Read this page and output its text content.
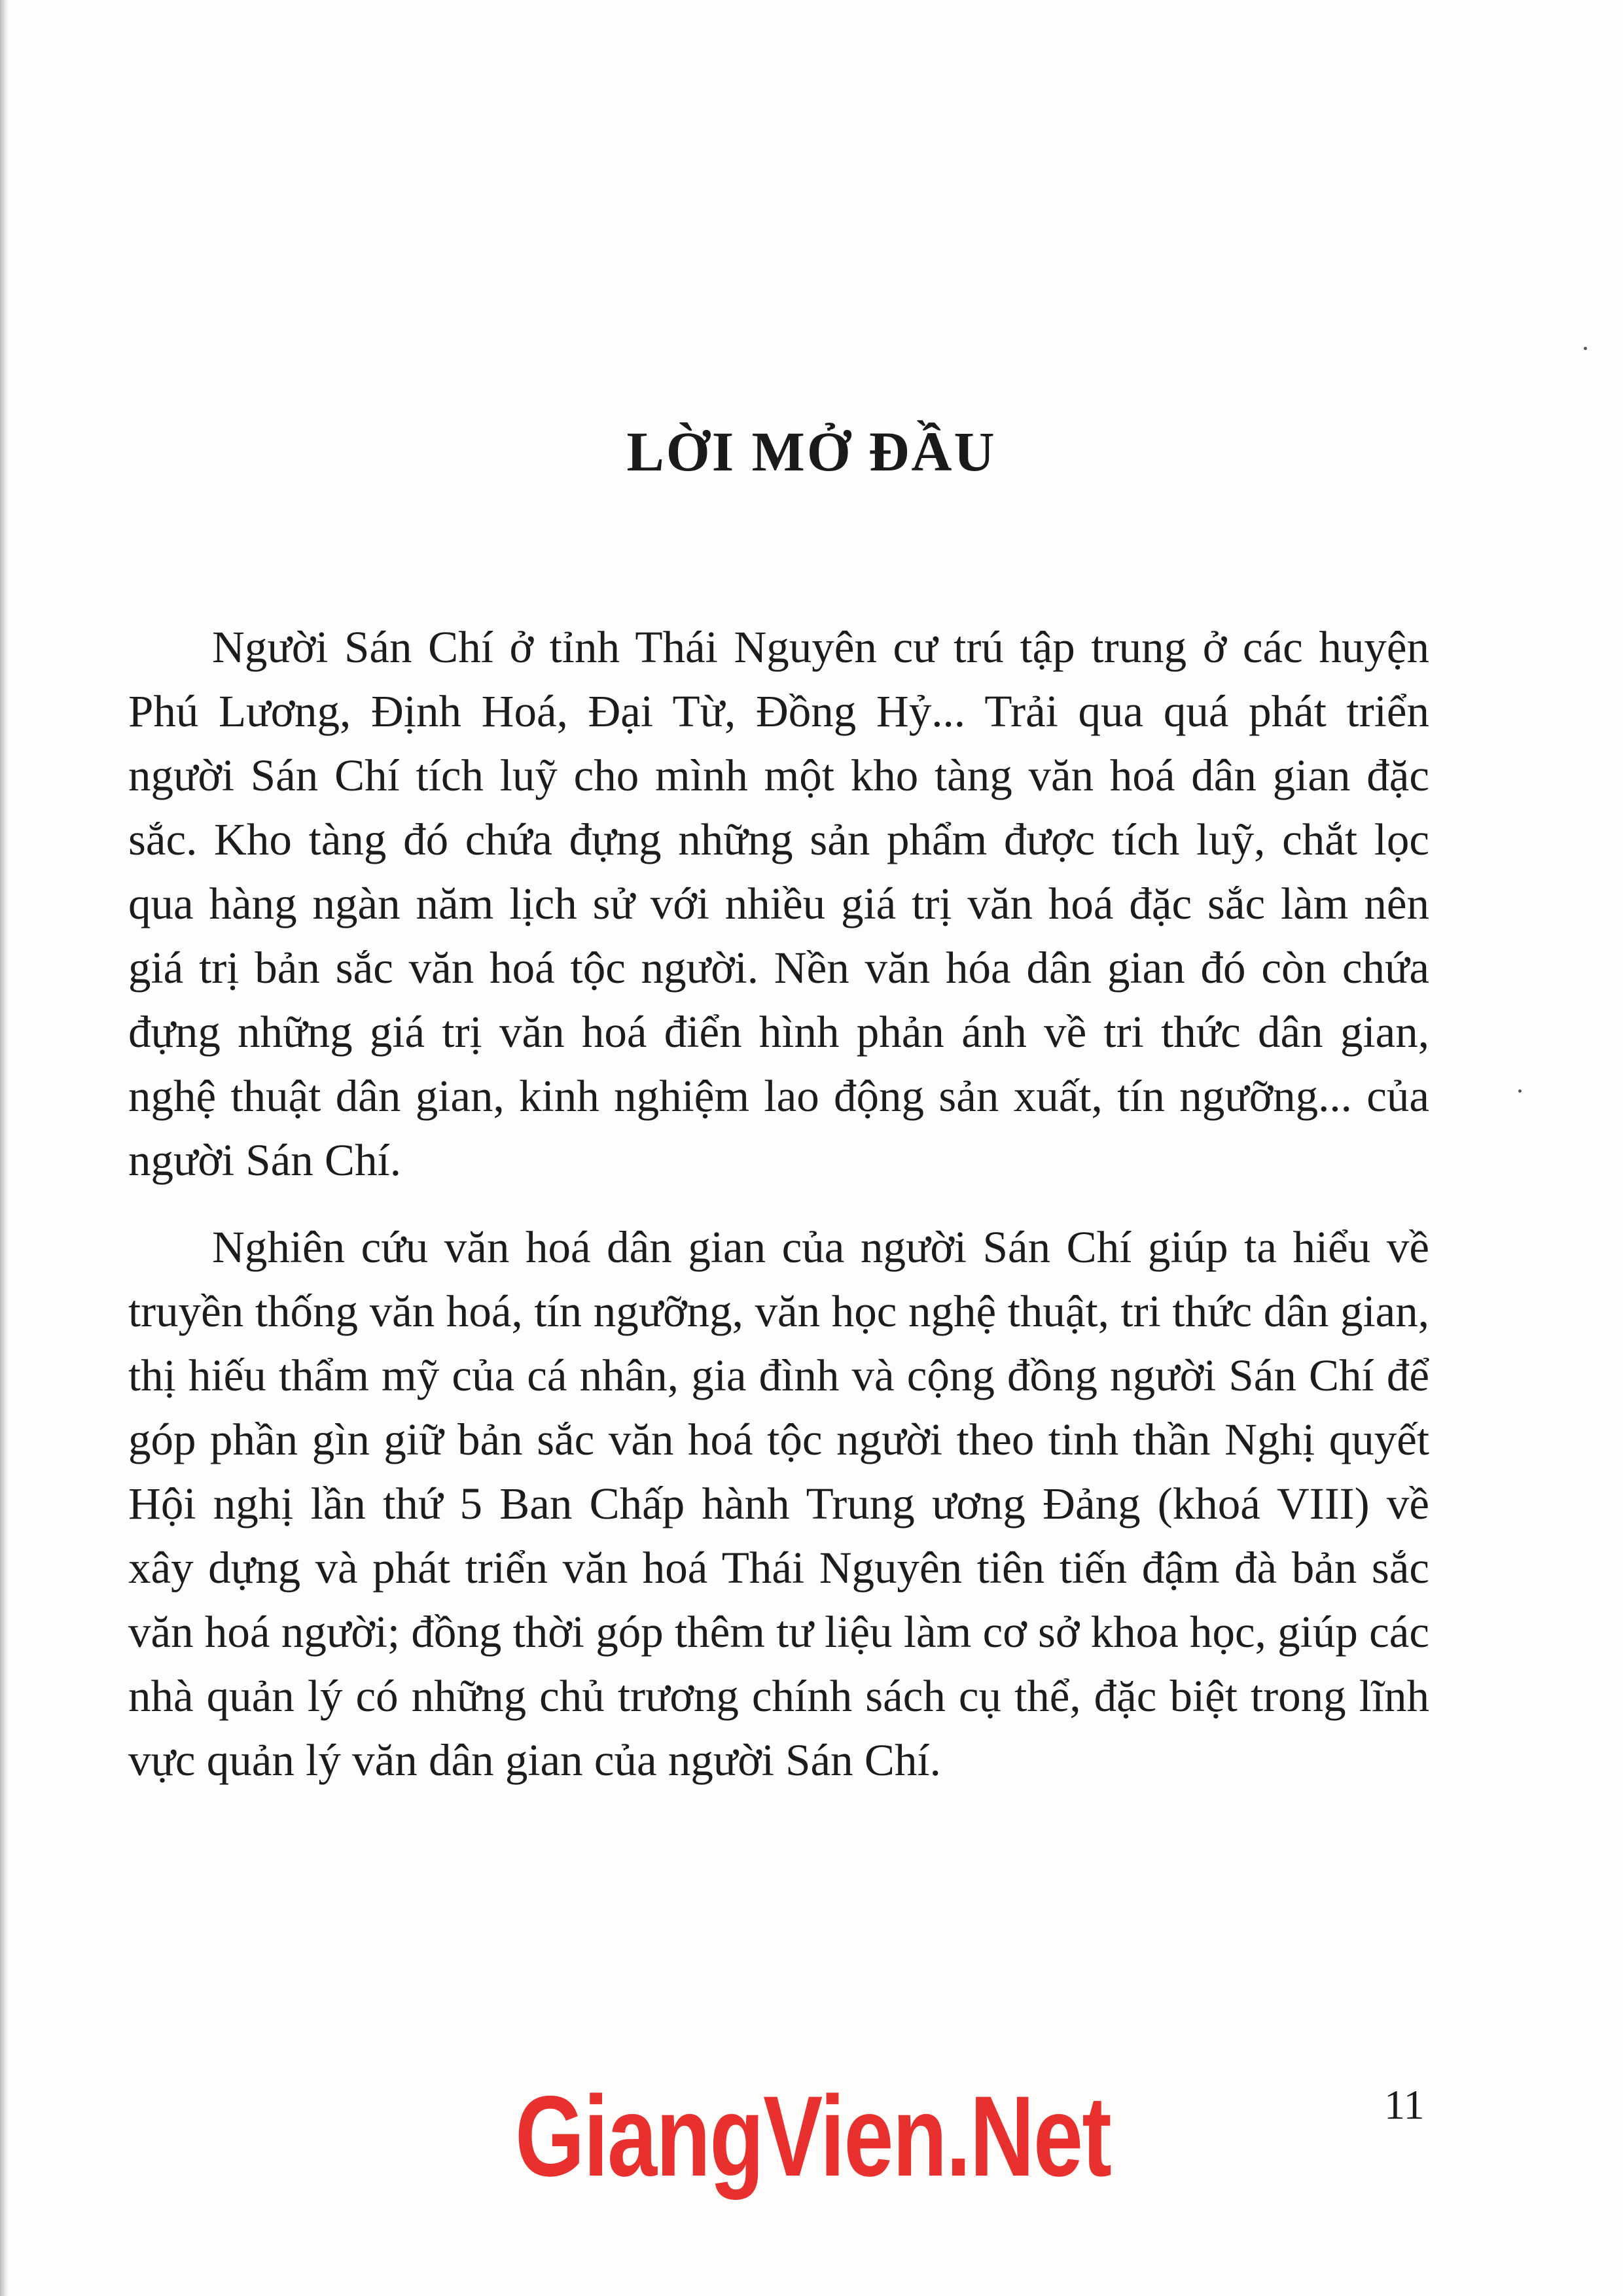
LỜI MỞ ĐẦU

Người Sán Chí ở tỉnh Thái Nguyên cư trú tập trung ở các huyện Phú Lương, Định Hoá, Đại Từ, Đồng Hỷ... Trải qua quá phát triển người Sán Chí tích luỹ cho mình một kho tàng văn hoá dân gian đặc sắc. Kho tàng đó chứa đựng những sản phẩm được tích luỹ, chắt lọc qua hàng ngàn năm lịch sử với nhiều giá trị văn hoá đặc sắc làm nên giá trị bản sắc văn hoá tộc người. Nền văn hóa dân gian đó còn chứa đựng những giá trị văn hoá điển hình phản ánh về tri thức dân gian, nghệ thuật dân gian, kinh nghiệm lao động sản xuất, tín ngưỡng... của người Sán Chí.

Nghiên cứu văn hoá dân gian của người Sán Chí giúp ta hiểu về truyền thống văn hoá, tín ngưỡng, văn học nghệ thuật, tri thức dân gian, thị hiếu thẩm mỹ của cá nhân, gia đình và cộng đồng người Sán Chí để góp phần gìn giữ bản sắc văn hoá tộc người theo tinh thần Nghị quyết Hội nghị lần thứ 5 Ban Chấp hành Trung ương Đảng (khoá VIII) về xây dựng và phát triển văn hoá Thái Nguyên tiên tiến đậm đà bản sắc văn hoá người; đồng thời góp thêm tư liệu làm cơ sở khoa học, giúp các nhà quản lý có những chủ trương chính sách cụ thể, đặc biệt trong lĩnh vực quản lý văn dân gian của người Sán Chí.

GiangVien.Net	11
